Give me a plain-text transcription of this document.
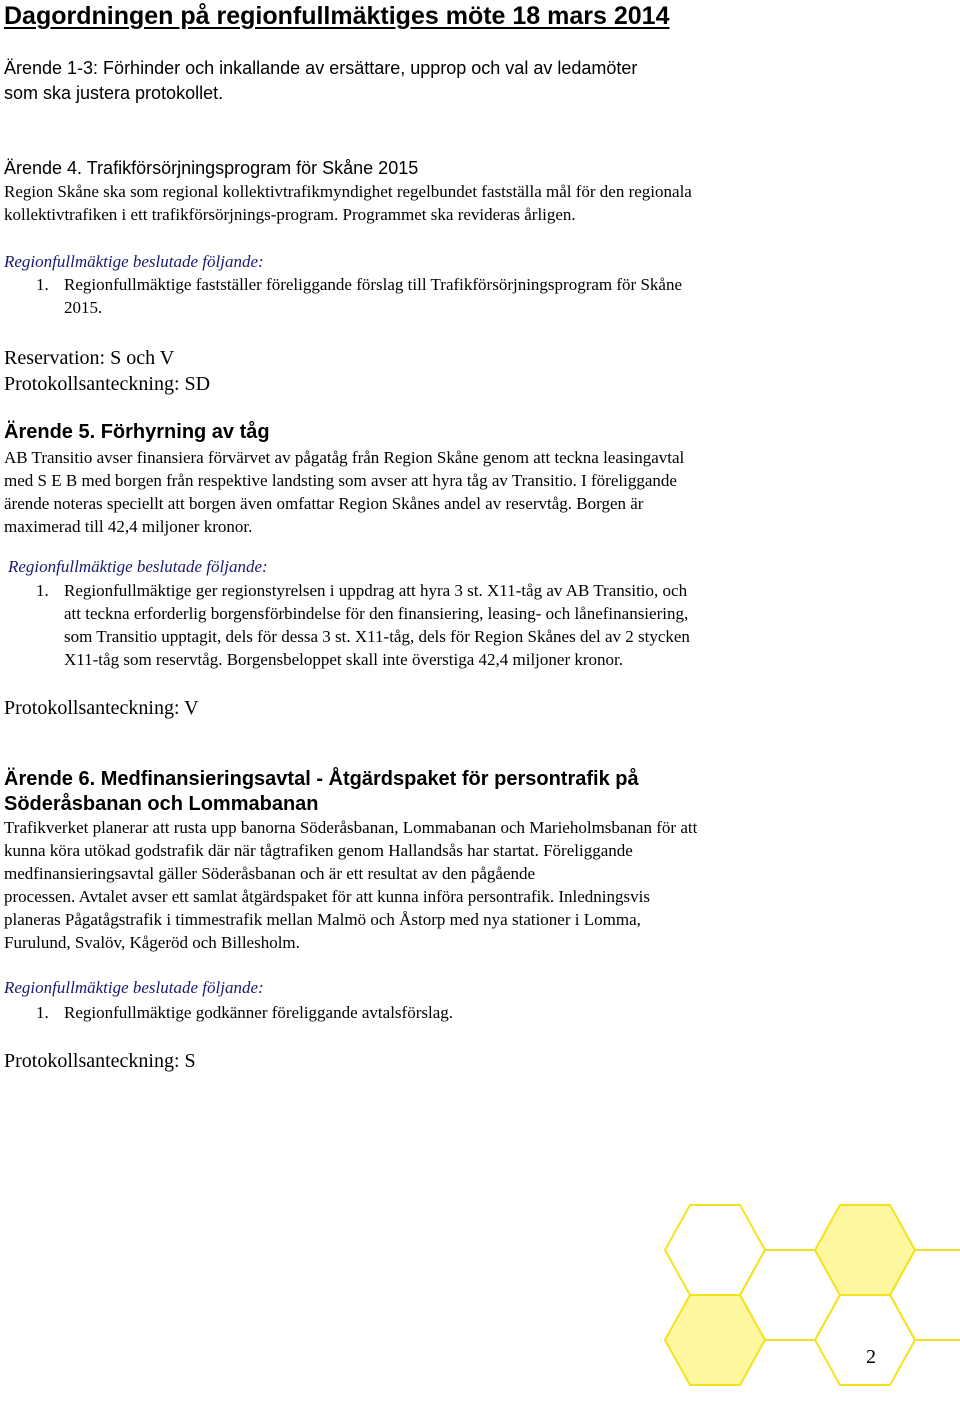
Dagordningen på regionfullmäktiges möte 18 mars 2014
Ärende 1-3: Förhinder och inkallande av ersättare, upprop och val av ledamöter
som ska justera protokollet.
Ärende 4. Trafikförsörjningsprogram för Skåne 2015
Region Skåne ska som regional kollektivtrafikmyndighet regelbundet fastställa mål för den regionala
kollektivtrafiken i ett trafikförsörjnings-program. Programmet ska revideras årligen.
Regionfullmäktige beslutade följande:
1. Regionfullmäktige fastställer föreliggande förslag till Trafikförsörjningsprogram för Skåne
2015.
Reservation: S och V
Protokollsanteckning: SD
Ärende 5. Förhyrning av tåg
AB Transitio avser finansiera förvärvet av pågatåg från Region Skåne genom att teckna leasingavtal
med S E B med borgen från respektive landsting som avser att hyra tåg av Transitio. I föreliggande
ärende noteras speciellt att borgen även omfattar Region Skånes andel av reservtåg. Borgen är
maximerad till 42,4 miljoner kronor.
Regionfullmäktige beslutade följande:
1. Regionfullmäktige ger regionstyrelsen i uppdrag att hyra 3 st. X11-tåg av AB Transitio, och
att teckna erforderlig borgensförbindelse för den finansiering, leasing- och lånefinansiering,
som Transitio upptagit, dels för dessa 3 st. X11-tåg, dels för Region Skånes del av 2 stycken
X11-tåg som reservtåg. Borgensbeloppet skall inte överstiga 42,4 miljoner kronor.
Protokollsanteckning: V
Ärende 6. Medfinansieringsavtal - Åtgärdspaket för persontrafik på
Söderåsbanan och Lommabanan
Trafikverket planerar att rusta upp banorna Söderåsbanan, Lommabanan och Marieholmsbanan för att
kunna köra utökad godstrafik där när tågtrafiken genom Hallandsås har startat. Föreliggande
medfinansieringsavtal gäller Söderåsbanan och är ett resultat av den pågående
processen. Avtalet avser ett samlat åtgärdspaket för att kunna införa persontrafik. Inledningsvis
planeras Pågatågstrafik i timmestrafik mellan Malmö och Åstorp med nya stationer i Lomma,
Furulund, Svalöv, Kågeröd och Billesholm.
Regionfullmäktige beslutade följande:
1. Regionfullmäktige godkänner föreliggande avtalsförslag.
Protokollsanteckning: S
2
